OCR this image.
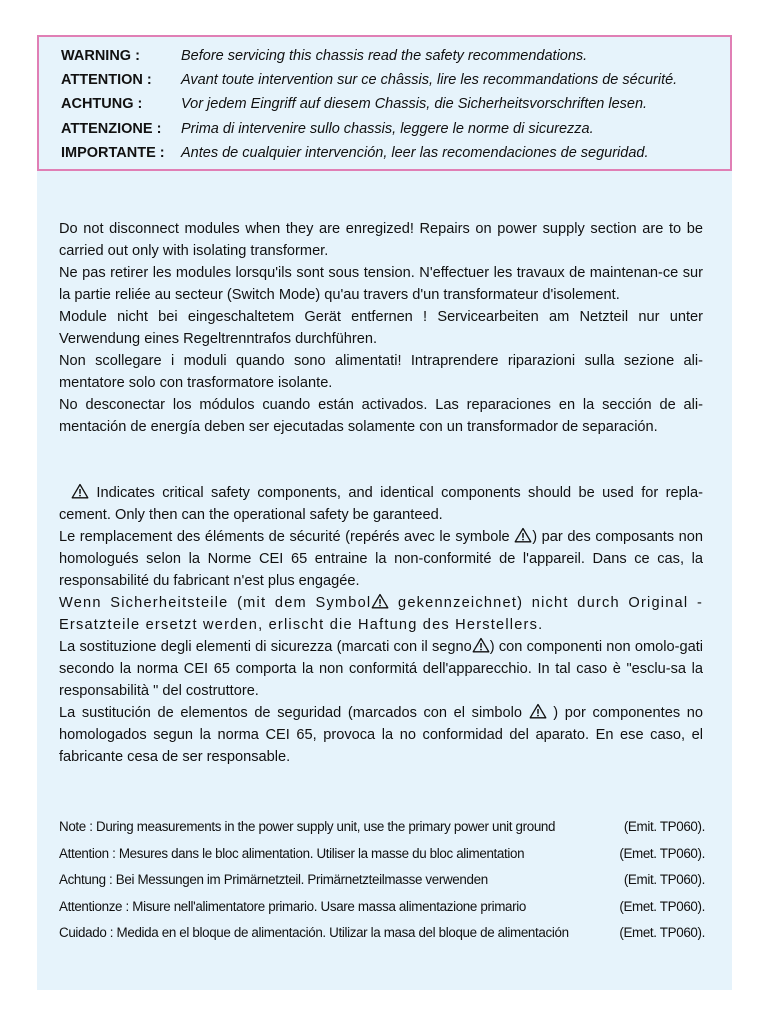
WARNING :	Before servicing this chassis read the safety recommendations.
ATTENTION : Avant toute intervention sur ce châssis, lire les recommandations de sécurité.
ACHTUNG :	Vor jedem Eingriff auf diesem Chassis, die Sicherheitsvorschriften lesen.
ATTENZIONE : Prima di intervenire sullo chassis, leggere le norme di sicurezza.
IMPORTANTE : Antes de cualquier intervención, leer las recomendaciones de seguridad.

Do not disconnect modules when they are enregized! Repairs on power supply section are to be carried out only with isolating transformer.

Ne pas retirer les modules lorsqu'ils sont sous tension. N'effectuer les travaux de maintenan-ce sur la partie reliée au secteur (Switch Mode) qu'au travers d'un transformateur d'isolement.

Module nicht bei eingeschaltetem Gerät entfernen ! Servicearbeiten am Netzteil nur unter Verwendung eines Regeltrenntrafos durchführen.

Non scollegare i moduli quando sono alimentati! Intraprendere riparazioni sulla sezione ali-mentatore solo con trasformatore isolante.

No desconectar los módulos cuando están activados. Las reparaciones en la sección de ali-mentación de energía deben ser ejecutadas solamente con un transformador de separación.

Indicates critical safety components, and identical components should be used for repla-cement. Only then can the operational safety be garanteed.

Le remplacement des éléments de sécurité (repérés avec le symbole
) par des composants non homologués selon la Norme CEI 65 entraine la non-conformité de l'appareil. Dans ce cas, la responsabilité du fabricant n'est plus engagée.

Wenn Sicherheitsteile (mit dem Symbol
gekennzeichnet) nicht durch Original - Ersatzteile ersetzt werden, erlischt die Haftung des Herstellers.

La sostituzione degli elementi di sicurezza (marcati con il segno ) con componenti non omolo-gati secondo la norma CEI 65 comporta la non conformitá dell'apparecchio. In tal caso è "esclu-sa la responsabilità " del costruttore.

La sustitución de elementos de seguridad (marcados con el simbolo
) por componentes no homologados segun la norma CEI 65, provoca la no conformidad del aparato. En ese caso, el fabricante cesa de ser responsable.

Note : During measurements in the power supply unit, use the primary power unit ground	(Emit. TP060).
Attention : Mesures dans le bloc alimentation. Utiliser la masse du bloc alimentation	(Emet. TP060).
Achtung : Bei Messungen im Primärnetzteil. Primärnetzteilmasse verwenden	(Emit. TP060).
Attentionze : Misure nell'alimentatore primario. Usare massa alimentazione primario	(Emet. TP060).
Cuidado : Medida en el bloque de alimentación. Utilizar la masa del bloque de alimentación	(Emet. TP060).
